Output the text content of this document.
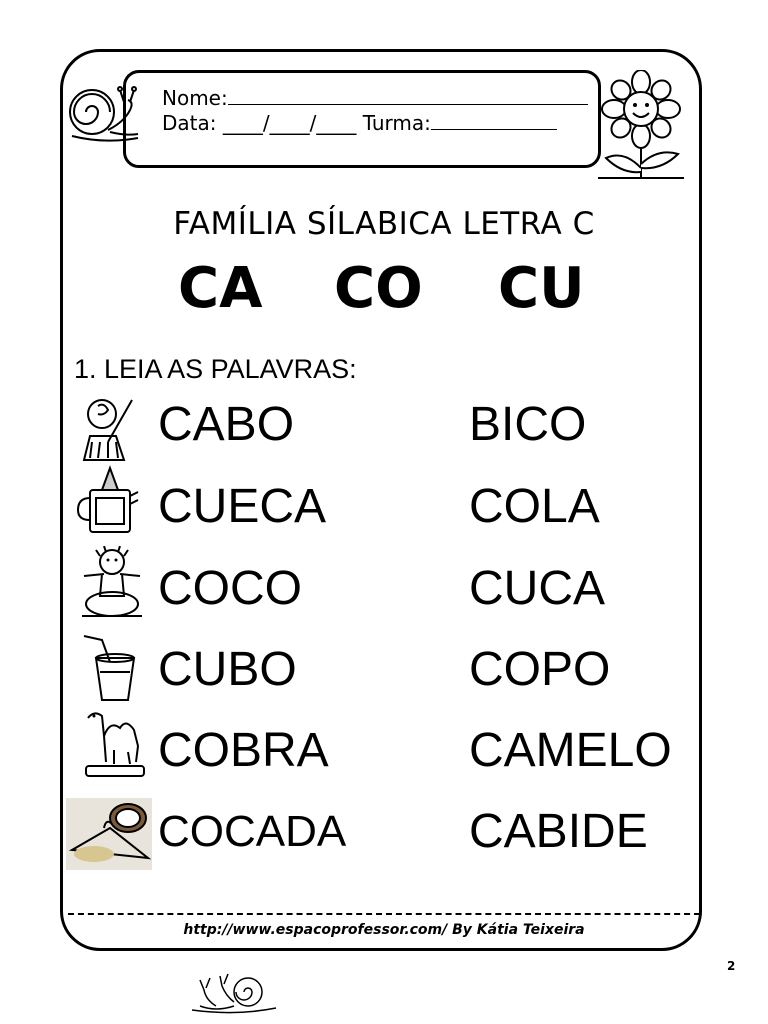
Nome:
Data: ____/____/____ Turma:
FAMÍLIA SÍLABICA LETRA C
CA CO CU
1. LEIA AS PALAVRAS:
CABO
CUECA
COCO
CUBO
COBRA
COCADA
BICO
COLA
CUCA
COPO
CAMELO
CABIDE
http://www.espacoprofessor.com/ By Kátia Teixeira
2
